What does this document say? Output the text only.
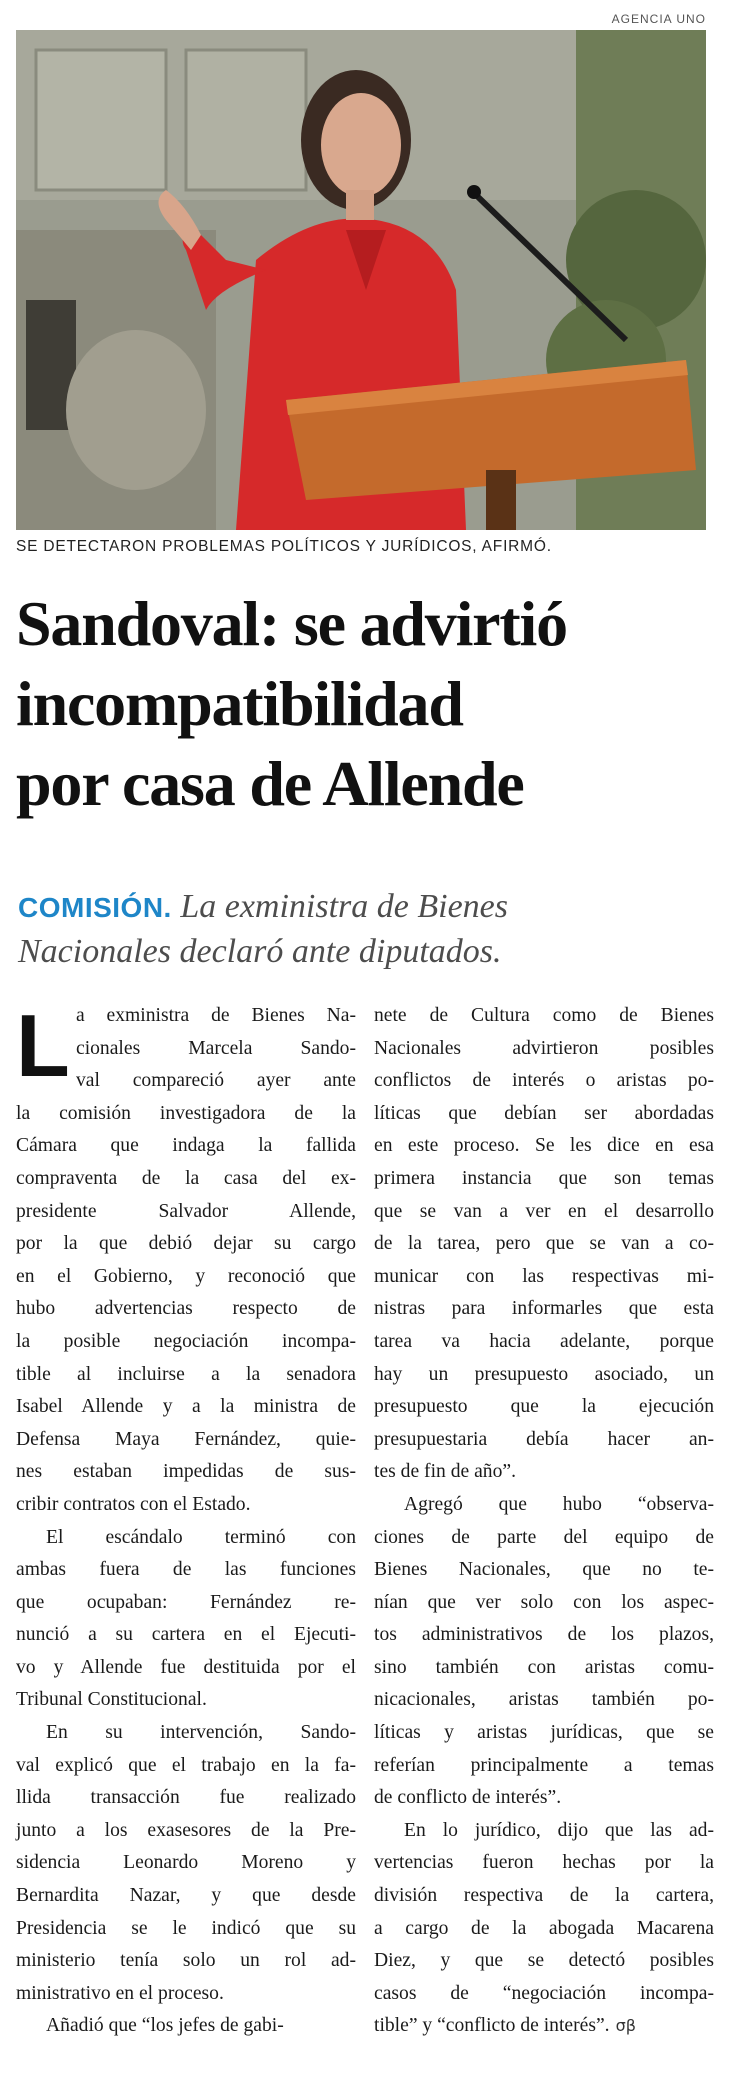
AGENCIA UNO
SE DETECTARON PROBLEMAS POLÍTICOS Y JURÍDICOS, AFIRMÓ.
Sandoval: se advirtió
incompatibilidad
por casa de Allende
COMISIÓN. La exministra de Bienes
Nacionales declaró ante diputados.
L a exministra de Bienes Na-
cionales Marcela Sando-
val compareció ayer ante
la comisión investigadora de la
Cámara que indaga la fallida
compraventa de la casa del ex-
presidente Salvador Allende,
por la que debió dejar su cargo
en el Gobierno, y reconoció que
hubo advertencias respecto de
la posible negociación incompa-
tible al incluirse a la senadora
Isabel Allende y a la ministra de
Defensa Maya Fernández, quie-
nes estaban impedidas de sus-
cribir contratos con el Estado.
El escándalo terminó con
ambas fuera de las funciones
que ocupaban: Fernández re-
nunció a su cartera en el Ejecuti-
vo y Allende fue destituida por el
Tribunal Constitucional.
En su intervención, Sando-
val explicó que el trabajo en la fa-
llida transacción fue realizado
junto a los exasesores de la Pre-
sidencia Leonardo Moreno y
Bernardita Nazar, y que desde
Presidencia se le indicó que su
ministerio tenía solo un rol ad-
ministrativo en el proceso.
Añadió que “los jefes de gabi-
nete de Cultura como de Bienes
Nacionales advirtieron posibles
conflictos de interés o aristas po-
líticas que debían ser abordadas
en este proceso. Se les dice en esa
primera instancia que son temas
que se van a ver en el desarrollo
de la tarea, pero que se van a co-
municar con las respectivas mi-
nistras para informarles que esta
tarea va hacia adelante, porque
hay un presupuesto asociado, un
presupuesto que la ejecución
presupuestaria debía hacer an-
tes de fin de año”.
Agregó que hubo “observa-
ciones de parte del equipo de
Bienes Nacionales, que no te-
nían que ver solo con los aspec-
tos administrativos de los plazos,
sino también con aristas comu-
nicacionales, aristas también po-
líticas y aristas jurídicas, que se
referían principalmente a temas
de conflicto de interés”.
En lo jurídico, dijo que las ad-
vertencias fueron hechas por la
división respectiva de la cartera,
a cargo de la abogada Macarena
Diez, y que se detectó posibles
casos de “negociación incompa-
tible” y “conflicto de interés”. σβ
